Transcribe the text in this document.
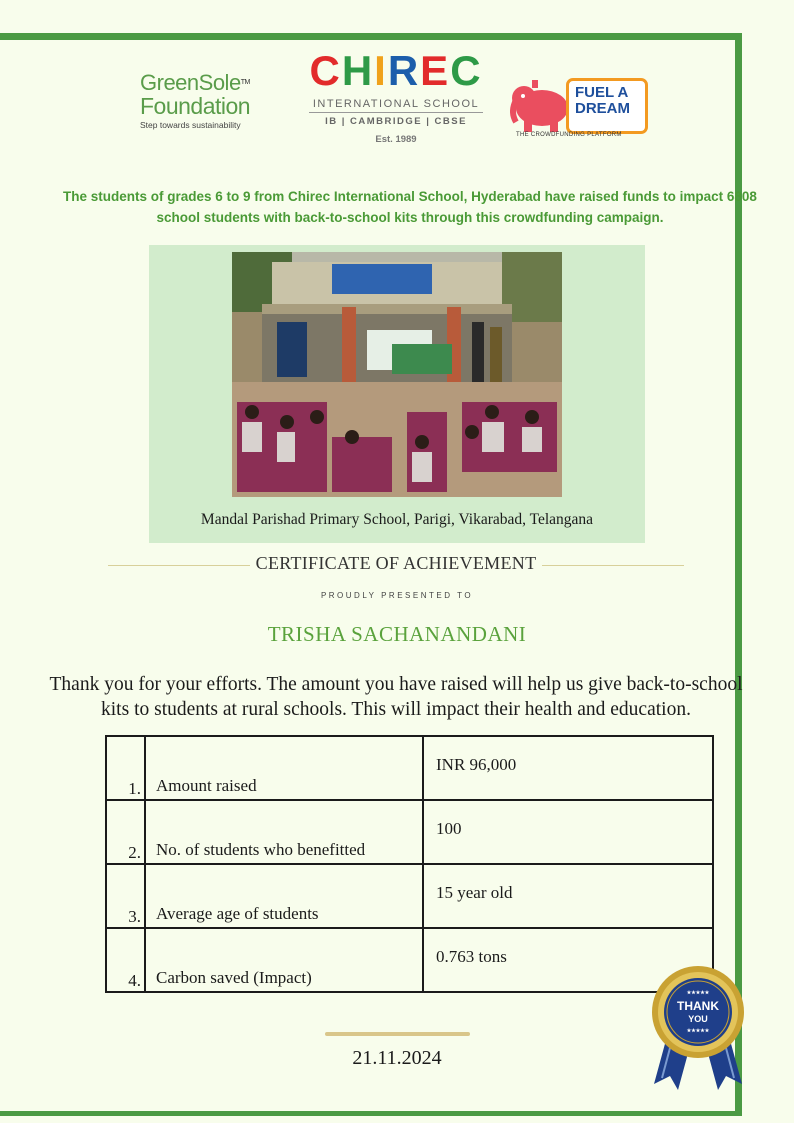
GreenSole™
Foundation
Step towards sustainability
CHIREC
INTERNATIONAL SCHOOL
IB | CAMBRIDGE | CBSE
Est. 1989
FUEL A
DREAM
THE CROWDFUNDING PLATFORM
The students of grades 6 to 9 from Chirec International School, Hyderabad have raised funds to impact 6808 school students with back-to-school kits through this crowdfunding campaign.
Mandal Parishad Primary School, Parigi, Vikarabad, Telangana
CERTIFICATE OF ACHIEVEMENT
PROUDLY PRESENTED TO
TRISHA SACHANANDANI
Thank you for your efforts. The amount you have raised will help us give back-to-school kits to students at rural schools. This will impact their health and education.
1.	Amount raised	INR 96,000
2.	No. of students who benefitted	100
3.	Average age of students	15 year old
4.	Carbon saved (Impact)	0.763 tons
21.11.2024
★★★★★
THANK
YOU
★★★★★
